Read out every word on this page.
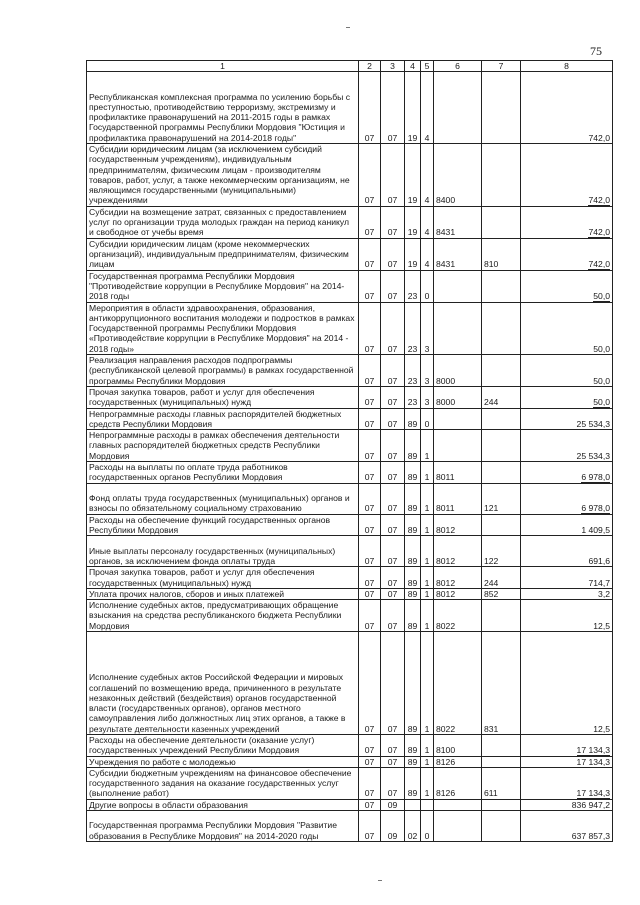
75
1	2	3	4	5	6	7	8
Республиканская комплексная программа по усилению борьбы с преступностью, противодействию терроризму, экстремизму и профилактике правонарушений на 2011-2015 годы в рамках Государственной программы Республики Мордовия "Юстиция и профилактика правонарушений на 2014-2018 годы"	07	07	19	4			742,0
Субсидии юридическим лицам (за исключением субсидий государственным учреждениям), индивидуальным предпринимателям, физическим лицам - производителям товаров, работ, услуг, а также некоммерческим организациям, не являющимся государственными (муниципальными) учреждениями	07	07	19	4	8400		742,0
Субсидии на возмещение затрат, связанных с предоставлением услуг по организации труда молодых граждан на период каникул и свободное от учебы время	07	07	19	4	8431		742,0
Субсидии юридическим лицам (кроме некоммерческих организаций), индивидуальным предпринимателям, физическим лицам	07	07	19	4	8431	810	742,0
Государственная программа Республики Мордовия "Противодействие коррупции в Республике Мордовия" на 2014-2018 годы	07	07	23	0			50,0
Мероприятия в области здравоохранения, образования, антикоррупционного воспитания молодежи и подростков в рамках Государственной программы Республики Мордовия «Противодействие коррупции в Республике Мордовия" на 2014 - 2018 годы»	07	07	23	3			50,0
Реализация направления расходов подпрограммы (республиканской целевой программы) в рамках государственной программы Республики Мордовия	07	07	23	3	8000		50,0
Прочая закупка товаров, работ и услуг для обеспечения государственных (муниципальных) нужд	07	07	23	3	8000	244	50,0
Непрограммные расходы главных распорядителей бюджетных средств Республики Мордовия	07	07	89	0			25 534,3
Непрограммные расходы в рамках обеспечения деятельности главных распорядителей бюджетных средств Республики Мордовия	07	07	89	1			25 534,3
Расходы на выплаты по оплате труда работников государственных органов Республики Мордовия	07	07	89	1	8011		6 978,0
Фонд оплаты труда государственных (муниципальных) органов и взносы по обязательному социальному страхованию	07	07	89	1	8011	121	6 978,0
Расходы на обеспечение функций государственных органов Республики Мордовия	07	07	89	1	8012		1 409,5
Иные выплаты персоналу государственных (муниципальных) органов, за исключением фонда оплаты труда	07	07	89	1	8012	122	691,6
Прочая закупка товаров, работ и услуг для обеспечения государственных (муниципальных) нужд	07	07	89	1	8012	244	714,7
Уплата прочих налогов, сборов и иных платежей	07	07	89	1	8012	852	3,2
Исполнение судебных актов, предусматривающих обращение взыскания на средства республиканского бюджета Республики Мордовия	07	07	89	1	8022		12,5
Исполнение судебных актов Российской Федерации и мировых соглашений по возмещению вреда, причиненного в результате незаконных действий (бездействия) органов государственной власти (государственных органов), органов местного самоуправления либо должностных лиц этих органов, а также в результате деятельности казенных учреждений	07	07	89	1	8022	831	12,5
Расходы на обеспечение деятельности (оказание услуг) государственных учреждений Республики Мордовия	07	07	89	1	8100		17 134,3
Учреждения по работе с молодежью	07	07	89	1	8126		17 134,3
Субсидии бюджетным учреждениям на финансовое обеспечение государственного задания на оказание государственных услуг (выполнение работ)	07	07	89	1	8126	611	17 134,3
Другие вопросы в области образования	07	09					836 947,2
Государственная программа Республики Мордовия "Развитие образования в Республике Мордовия" на 2014-2020 годы	07	09	02	0			637 857,3
